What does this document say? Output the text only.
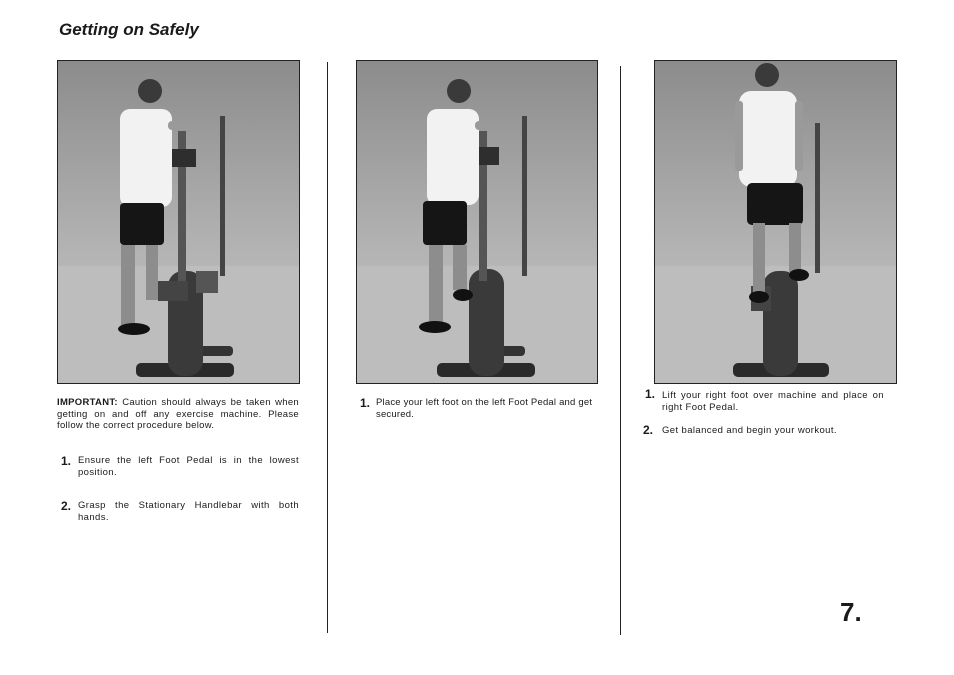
Getting on Safely
IMPORTANT: Caution should always be taken when getting on and off any exercise machine. Please follow the correct procedure below.
1. Ensure the left Foot Pedal is in the lowest position.
2. Grasp the Stationary Handlebar with both hands.
1. Place your left foot on the left Foot Pedal and get secured.
1. Lift your right foot over machine and place on right Foot Pedal.
2. Get balanced and begin your workout.
7.
